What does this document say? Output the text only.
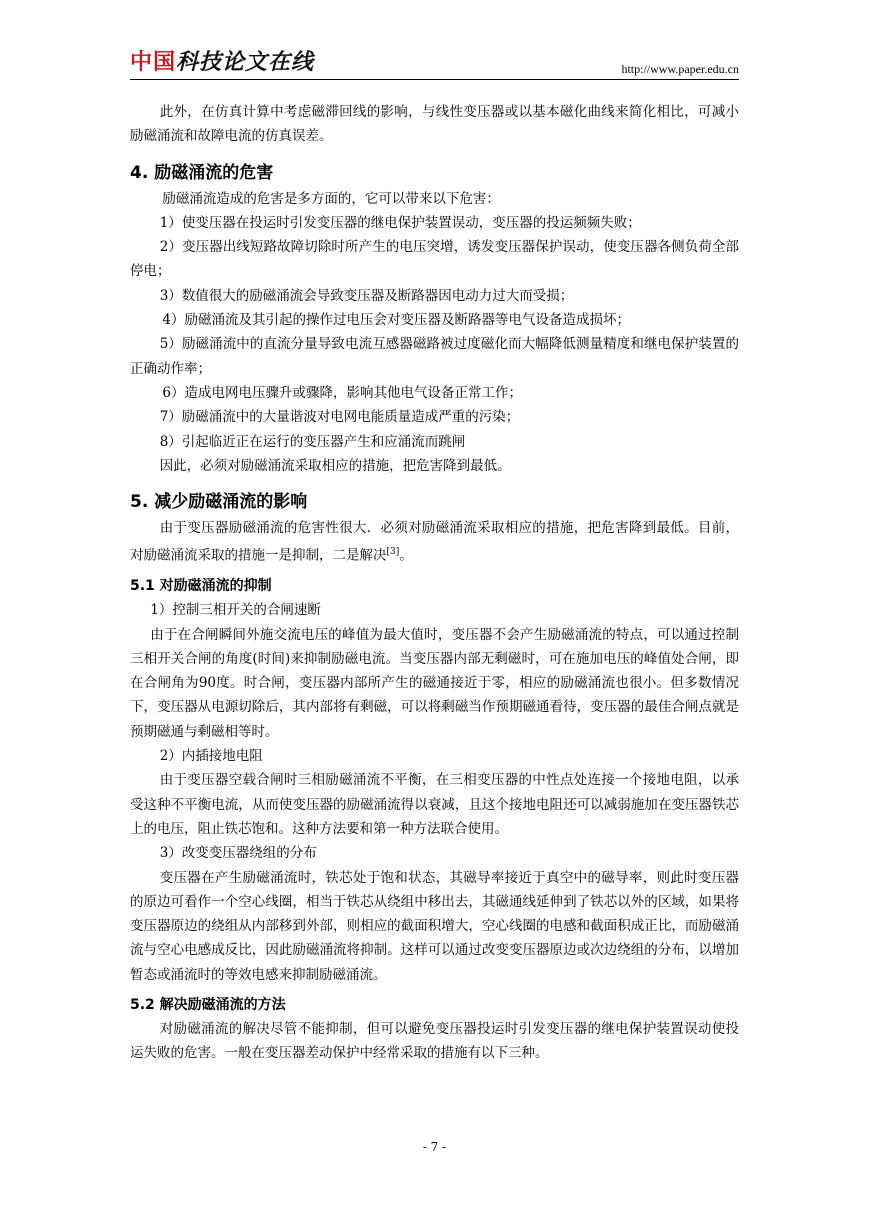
中国科技论文在线	http://www.paper.edu.cn

此外，在仿真计算中考虑磁滞回线的影响，与线性变压器或以基本磁化曲线来简化相比，可减小励磁涌流和故障电流的仿真误差。

4. 励磁涌流的危害

励磁涌流造成的危害是多方面的，它可以带来以下危害：

1）使变压器在投运时引发变压器的继电保护装置误动，变压器的投运频频失败；

2）变压器出线短路故障切除时所产生的电压突增，诱发变压器保护误动，使变压器各侧负荷全部停电；

3）数值很大的励磁涌流会导致变压器及断路器因电动力过大而受损；

4）励磁涌流及其引起的操作过电压会对变压器及断路器等电气设备造成损坏；

5）励磁涌流中的直流分量导致电流互感器磁路被过度磁化而大幅降低测量精度和继电保护装置的正确动作率；

6）造成电网电压骤升或骤降，影响其他电气设备正常工作；

7）励磁涌流中的大量谐波对电网电能质量造成严重的污染；

8）引起临近正在运行的变压器产生和应涌流而跳闸

因此，必须对励磁涌流采取相应的措施，把危害降到最低。

5. 减少励磁涌流的影响

由于变压器励磁涌流的危害性很大．必须对励磁涌流采取相应的措施，把危害降到最低。目前，对励磁涌流采取的措施一是抑制，二是解决[3]。

5.1 对励磁涌流的抑制

1）控制三相开关的合闸速断

由于在合闸瞬间外施交流电压的峰值为最大值时，变压器不会产生励磁涌流的特点，可以通过控制三相开关合闸的角度(时间)来抑制励磁电流。当变压器内部无剩磁时，可在施加电压的峰值处合闸，即在合闸角为90度。时合闸，变压器内部所产生的磁通接近于零，相应的励磁涌流也很小。但多数情况下，变压器从电源切除后，其内部将有剩磁，可以将剩磁当作预期磁通看待，变压器的最佳合闸点就是预期磁通与剩磁相等时。

2）内插接地电阻

由于变压器空载合闸时三相励磁涌流不平衡，在三相变压器的中性点处连接一个接地电阻，以承受这种不平衡电流，从而使变压器的励磁涌流得以衰减，且这个接地电阻还可以减弱施加在变压器铁芯上的电压，阻止铁芯饱和。这种方法要和第一种方法联合使用。

3）改变变压器绕组的分布

变压器在产生励磁涌流时，铁芯处于饱和状态，其磁导率接近于真空中的磁导率，则此时变压器的原边可看作一个空心线圈，相当于铁芯从绕组中移出去，其磁通线延伸到了铁芯以外的区域，如果将变压器原边的绕组从内部移到外部，则相应的截面积增大，空心线圈的电感和截面积成正比，而励磁涌流与空心电感成反比，因此励磁涌流将抑制。这样可以通过改变变压器原边或次边绕组的分布，以增加暂态或涌流时的等效电感来抑制励磁涌流。

5.2 解决励磁涌流的方法

对励磁涌流的解决尽管不能抑制，但可以避免变压器投运时引发变压器的继电保护装置误动使投运失败的危害。一般在变压器差动保护中经常采取的措施有以下三种。

- 7 -
